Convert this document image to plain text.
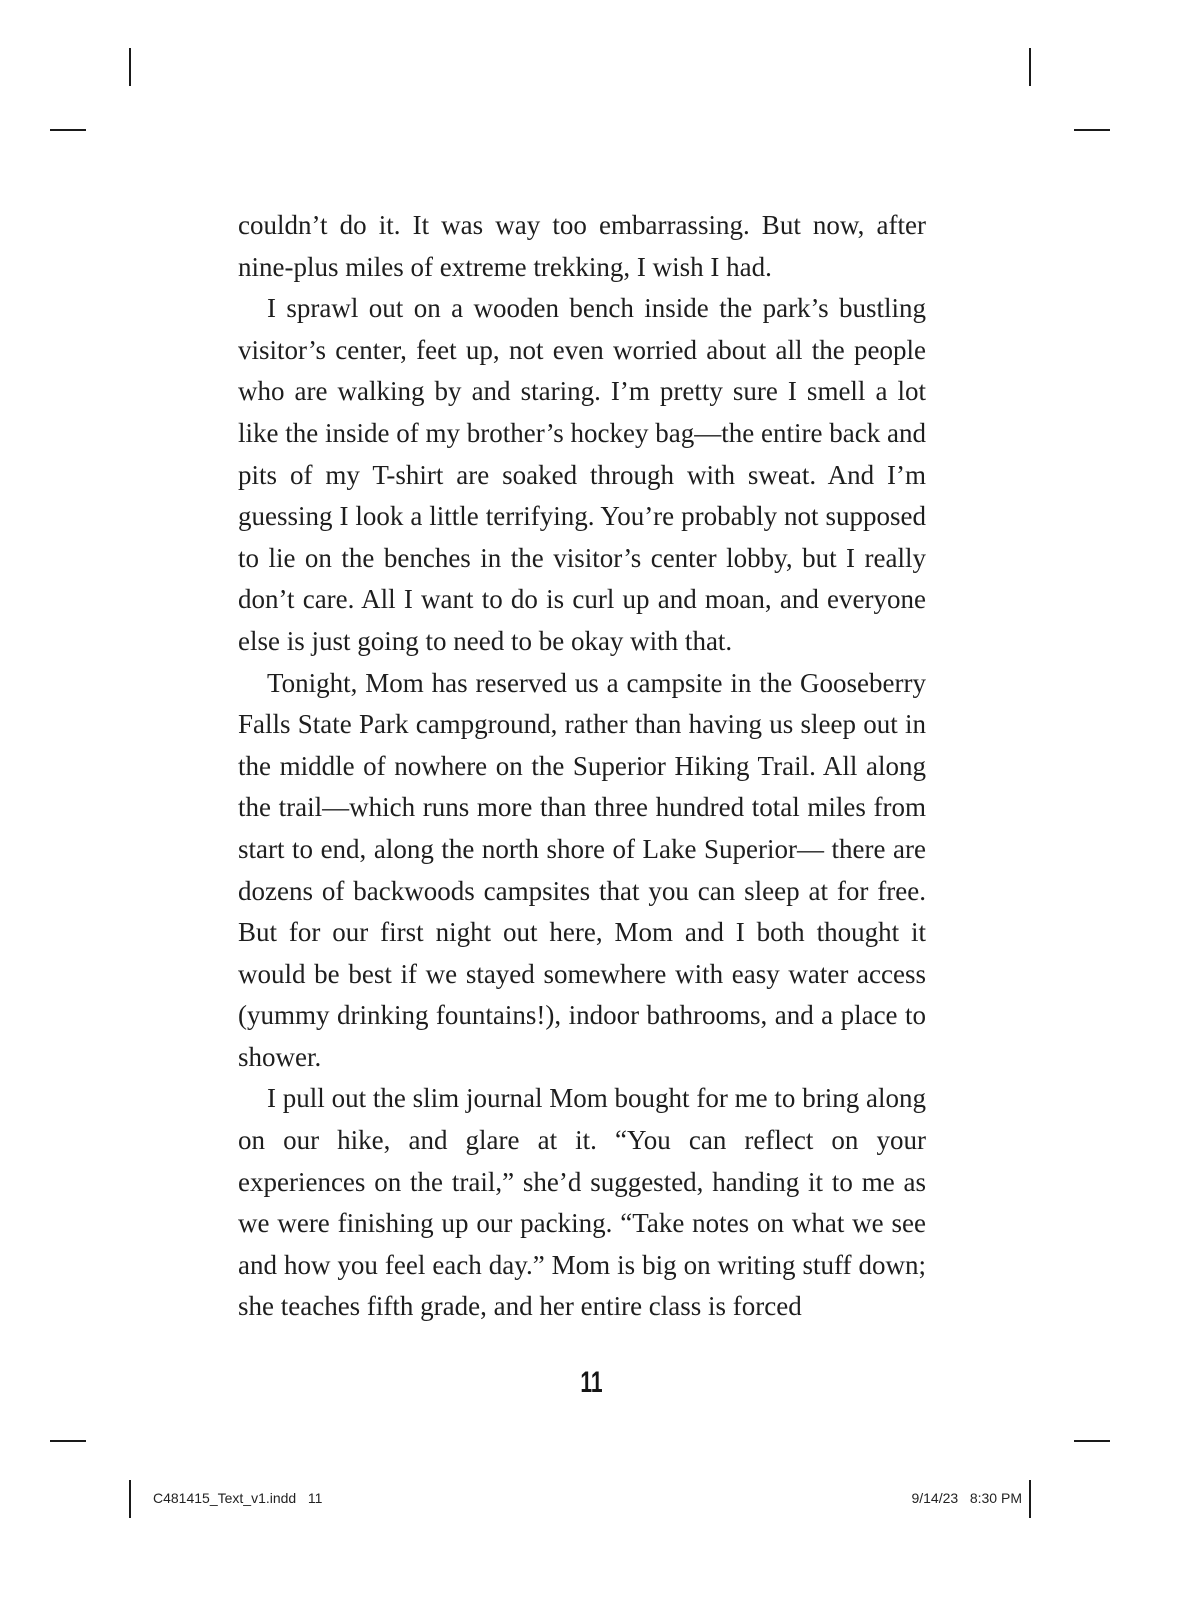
couldn’t do it. It was way too embarrassing. But now, after nine-plus miles of extreme trekking, I wish I had.

I sprawl out on a wooden bench inside the park’s bustling visitor’s center, feet up, not even worried about all the people who are walking by and staring. I’m pretty sure I smell a lot like the inside of my brother’s hockey bag—the entire back and pits of my T-shirt are soaked through with sweat. And I’m guessing I look a little terrifying. You’re probably not supposed to lie on the benches in the visitor’s center lobby, but I really don’t care. All I want to do is curl up and moan, and everyone else is just going to need to be okay with that.

Tonight, Mom has reserved us a campsite in the Gooseberry Falls State Park campground, rather than having us sleep out in the middle of nowhere on the Superior Hiking Trail. All along the trail—which runs more than three hundred total miles from start to end, along the north shore of Lake Superior— there are dozens of backwoods campsites that you can sleep at for free. But for our first night out here, Mom and I both thought it would be best if we stayed somewhere with easy water access (yummy drinking fountains!), indoor bathrooms, and a place to shower.

I pull out the slim journal Mom bought for me to bring along on our hike, and glare at it. “You can reflect on your experiences on the trail,” she’d suggested, handing it to me as we were finishing up our packing. “Take notes on what we see and how you feel each day.” Mom is big on writing stuff down; she teaches fifth grade, and her entire class is forced

11
C481415_Text_v1.indd   11	9/14/23   8:30 PM
